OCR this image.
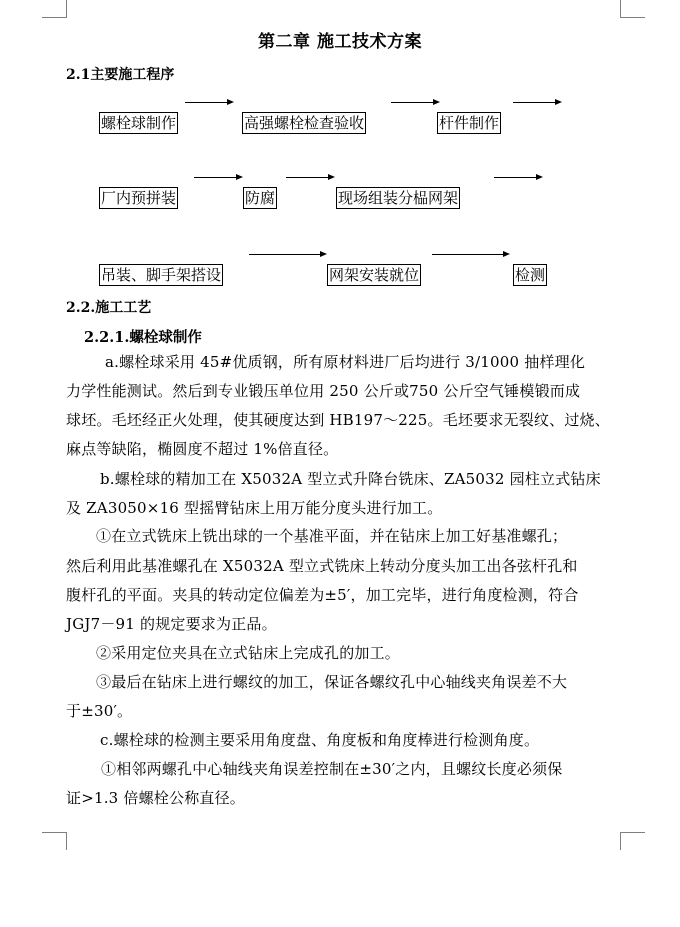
第二章 施工技术方案
2.1主要施工程序
螺栓球制作	高强螺栓检查验收	杆件制作
厂内预拼装	防腐	现场组装分榀网架
吊装、脚手架搭设	网架安装就位	检测
2.2.施工工艺
2.2.1.螺栓球制作
a.螺栓球采用 45#优质钢，所有原材料进厂后均进行 3/1000 抽样理化
力学性能测试。然后到专业锻压单位用 250 公斤或750 公斤空气锤模锻而成
球坯。毛坯经正火处理，使其硬度达到 HB197～225。毛坯要求无裂纹、过烧、
麻点等缺陷，椭圆度不超过 1%倍直径。
b.螺栓球的精加工在 X5032A 型立式升降台铣床、ZA5032 园柱立式钻床
及 ZA3050×16 型摇臂钻床上用万能分度头进行加工。
①在立式铣床上铣出球的一个基准平面，并在钻床上加工好基准螺孔；
然后利用此基准螺孔在 X5032A 型立式铣床上转动分度头加工出各弦杆孔和
腹杆孔的平面。夹具的转动定位偏差为±5′，加工完毕，进行角度检测，符合
JGJ7－91 的规定要求为正品。
②采用定位夹具在立式钻床上完成孔的加工。
③最后在钻床上进行螺纹的加工，保证各螺纹孔中心轴线夹角误差不大
于±30′。
c.螺栓球的检测主要采用角度盘、角度板和角度棒进行检测角度。
①相邻两螺孔中心轴线夹角误差控制在±30′之内，且螺纹长度必须保
证>1.3 倍螺栓公称直径。
